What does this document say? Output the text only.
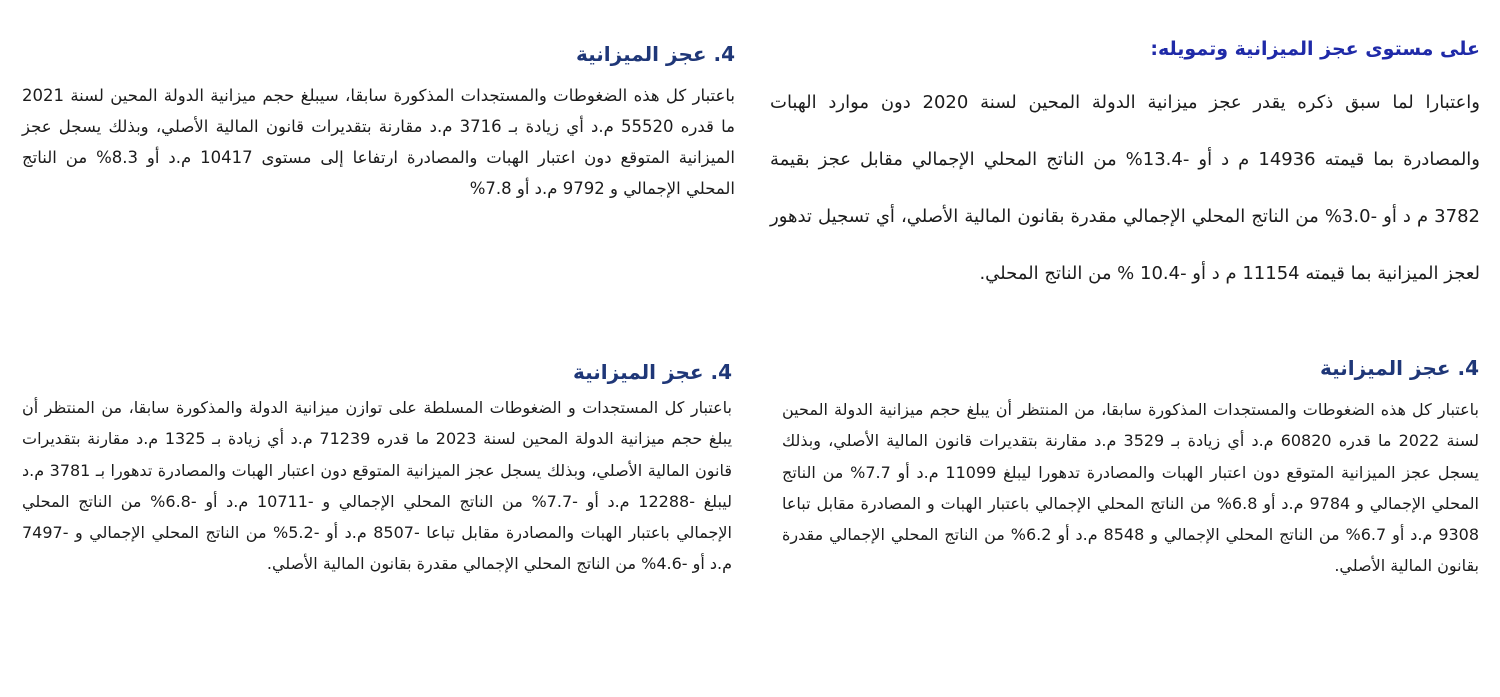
على مستوى عجز الميزانية وتمويله:

واعتبارا لما سبق ذكره يقدر عجز ميزانية الدولة المحين لسنة 2020 دون موارد الهبات والمصادرة بما قيمته 14936 م د أو -13.4% من الناتج المحلي الإجمالي مقابل عجز بقيمة 3782 م د أو -3.0% من الناتج المحلي الإجمالي مقدرة بقانون المالية الأصلي، أي تسجيل تدهور لعجز الميزانية بما قيمته 11154 م د أو -10.4 % من الناتج المحلي.

4. عجز الميزانية

باعتبار كل هذه الضغوطات والمستجدات المذكورة سابقا، سيبلغ حجم ميزانية الدولة المحين لسنة 2021 ما قدره 55520 م.د أي زيادة بـ 3716 م.د مقارنة بتقديرات قانون المالية الأصلي، وبذلك يسجل عجز الميزانية المتوقع دون اعتبار الهبات والمصادرة ارتفاعا إلى مستوى 10417 م.د أو 8.3% من الناتج المحلي الإجمالي و 9792 م.د أو 7.8%

4. عجز الميزانية

باعتبار كل هذه الضغوطات والمستجدات المذكورة سابقا، من المنتظر أن يبلغ حجم ميزانية الدولة المحين لسنة 2022 ما قدره 60820 م.د أي زيادة بـ 3529 م.د مقارنة بتقديرات قانون المالية الأصلي، وبذلك يسجل عجز الميزانية المتوقع دون اعتبار الهبات والمصادرة تدهورا ليبلغ 11099 م.د أو 7.7% من الناتج المحلي الإجمالي و 9784 م.د أو 6.8% من الناتج المحلي الإجمالي باعتبار الهبات و المصادرة مقابل تباعا 9308 م.د أو 6.7% من الناتج المحلي الإجمالي و 8548 م.د أو 6.2% من الناتج المحلي الإجمالي مقدرة بقانون المالية الأصلي.

4. عجز الميزانية

باعتبار كل المستجدات و الضغوطات المسلطة على توازن ميزانية الدولة والمذكورة سابقا، من المنتظر أن يبلغ حجم ميزانية الدولة المحين لسنة 2023 ما قدره 71239 م.د أي زيادة بـ 1325 م.د مقارنة بتقديرات قانون المالية الأصلي، وبذلك يسجل عجز الميزانية المتوقع دون اعتبار الهبات والمصادرة تدهورا بـ 3781 م.د ليبلغ -12288 م.د أو -7.7% من الناتج المحلي الإجمالي و -10711 م.د أو -6.8% من الناتج المحلي الإجمالي باعتبار الهبات والمصادرة مقابل تباعا -8507 م.د أو -5.2% من الناتج المحلي الإجمالي و -7497 م.د أو -4.6% من الناتج المحلي الإجمالي مقدرة بقانون المالية الأصلي.
